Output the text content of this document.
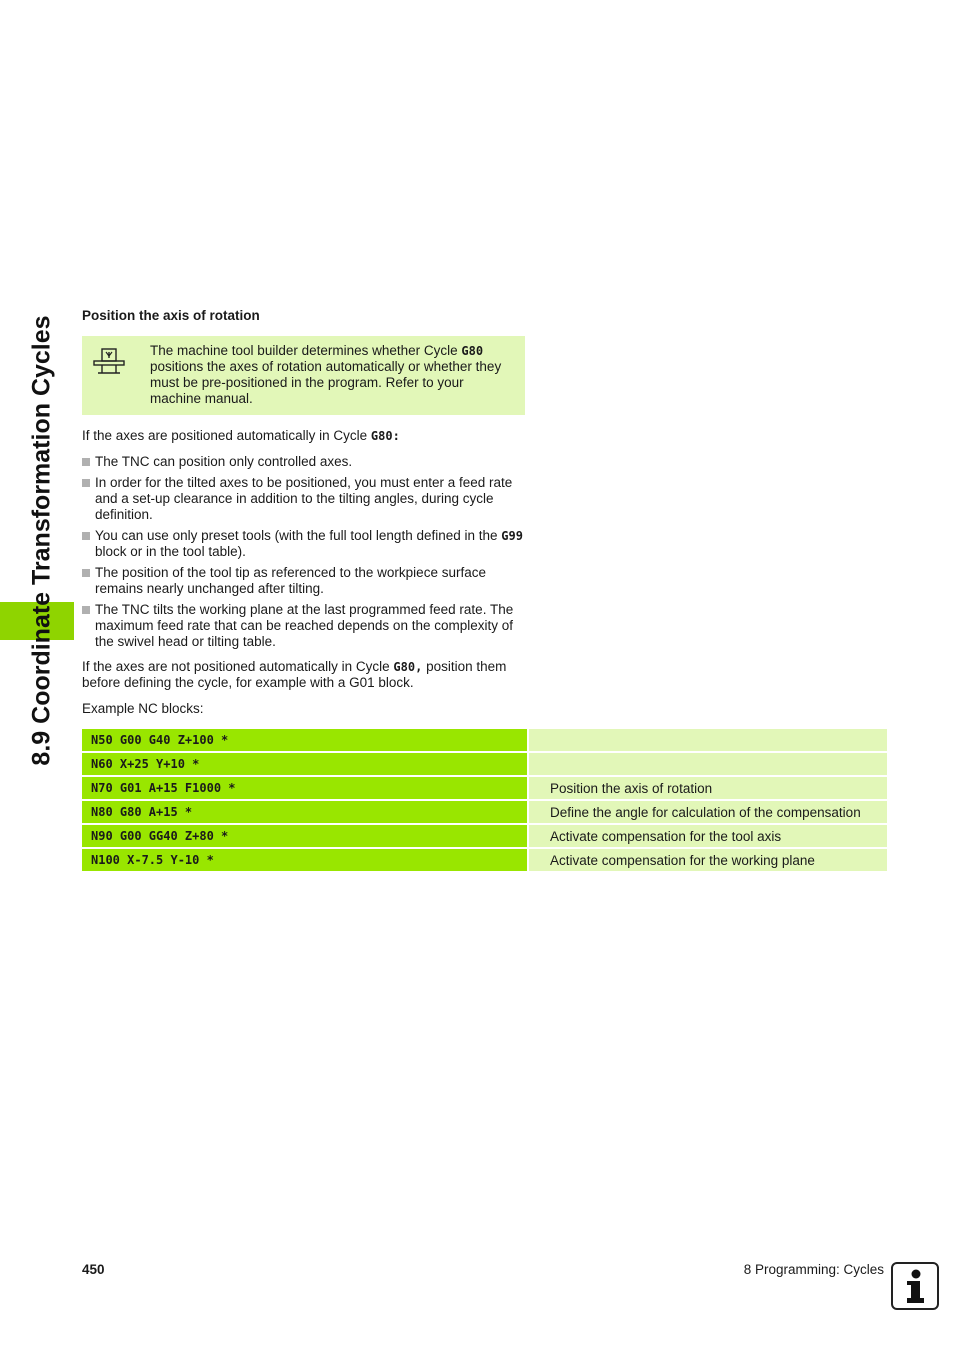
8.9 Coordinate Transformation Cycles Position the axis of rotation
The machine tool builder determines whether Cycle G80 positions the axes of rotation automatically or whether they must be pre-positioned in the program. Refer to your machine manual.

If the axes are positioned automatically in Cycle G80:

The TNC can position only controlled axes.
In order for the tilted axes to be positioned, you must enter a feed rate and a set-up clearance in addition to the tilting angles, during cycle definition.
You can use only preset tools (with the full tool length defined in the G99 block or in the tool table).
The position of the tool tip as referenced to the workpiece surface remains nearly unchanged after tilting.
The TNC tilts the working plane at the last programmed feed rate. The maximum feed rate that can be reached depends on the complexity of the swivel head or tilting table.

If the axes are not positioned automatically in Cycle G80, position them before defining the cycle, for example with a G01 block.

Example NC blocks:

N50 G00 G40 Z+100 *
N60 X+25 Y+10 *
N70 G01 A+15 F1000 *	Position the axis of rotation
N80 G80 A+15 *	Define the angle for calculation of the compensation
N90 G00 GG40 Z+80 *	Activate compensation for the tool axis
N100 X-7.5 Y-10 *	Activate compensation for the working plane
450	8 Programming: Cycles
